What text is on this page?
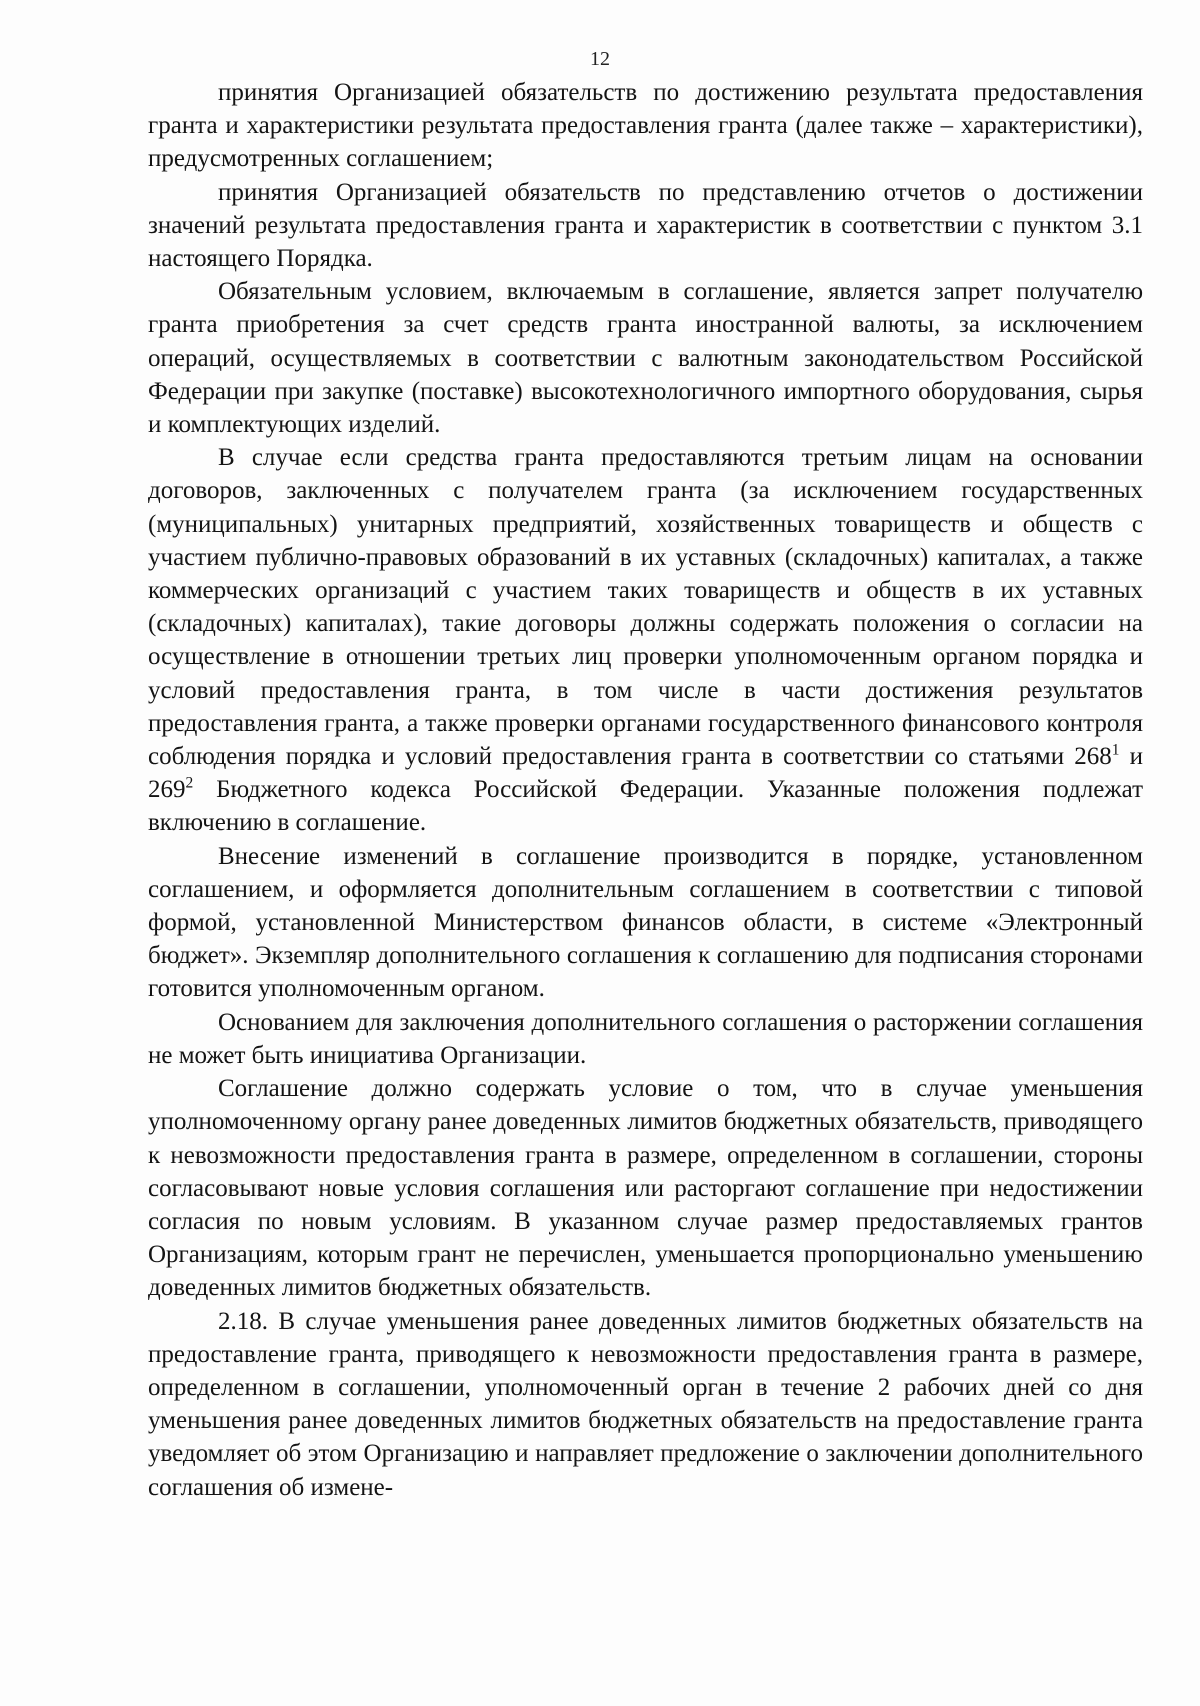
12

принятия Организацией обязательств по достижению результата предоставления гранта и характеристики результата предоставления гранта (далее также – характеристики), предусмотренных соглашением;

принятия Организацией обязательств по представлению отчетов о достижении значений результата предоставления гранта и характеристик в соответствии с пунктом 3.1 настоящего Порядка.

Обязательным условием, включаемым в соглашение, является запрет получателю гранта приобретения за счет средств гранта иностранной валюты, за исключением операций, осуществляемых в соответствии с валютным законодательством Российской Федерации при закупке (поставке) высокотехнологичного импортного оборудования, сырья и комплектующих изделий.

В случае если средства гранта предоставляются третьим лицам на основании договоров, заключенных с получателем гранта (за исключением государственных (муниципальных) унитарных предприятий, хозяйственных товариществ и обществ с участием публично-правовых образований в их уставных (складочных) капиталах, а также коммерческих организаций с участием таких товариществ и обществ в их уставных (складочных) капиталах), такие договоры должны содержать положения о согласии на осуществление в отношении третьих лиц проверки уполномоченным органом порядка и условий предоставления гранта, в том числе в части достижения результатов предоставления гранта, а также проверки органами государственного финансового контроля соблюдения порядка и условий предоставления гранта в соответствии со статьями $268^1$ и $269^2$ Бюджетного кодекса Российской Федерации. Указанные положения подлежат включению в соглашение.

Внесение изменений в соглашение производится в порядке, установленном соглашением, и оформляется дополнительным соглашением в соответствии с типовой формой, установленной Министерством финансов области, в системе «Электронный бюджет». Экземпляр дополнительного соглашения к соглашению для подписания сторонами готовится уполномоченным органом.

Основанием для заключения дополнительного соглашения о расторжении соглашения не может быть инициатива Организации.

Соглашение должно содержать условие о том, что в случае уменьшения уполномоченному органу ранее доведенных лимитов бюджетных обязательств, приводящего к невозможности предоставления гранта в размере, определенном в соглашении, стороны согласовывают новые условия соглашения или расторгают соглашение при недостижении согласия по новым условиям. В указанном случае размер предоставляемых грантов Организациям, которым грант не перечислен, уменьшается пропорционально уменьшению доведенных лимитов бюджетных обязательств.

2.18. В случае уменьшения ранее доведенных лимитов бюджетных обязательств на предоставление гранта, приводящего к невозможности предоставления гранта в размере, определенном в соглашении, уполномоченный орган в течение 2 рабочих дней со дня уменьшения ранее доведенных лимитов бюджетных обязательств на предоставление гранта уведомляет об этом Организацию и направляет предложение о заключении дополнительного соглашения об измене-
